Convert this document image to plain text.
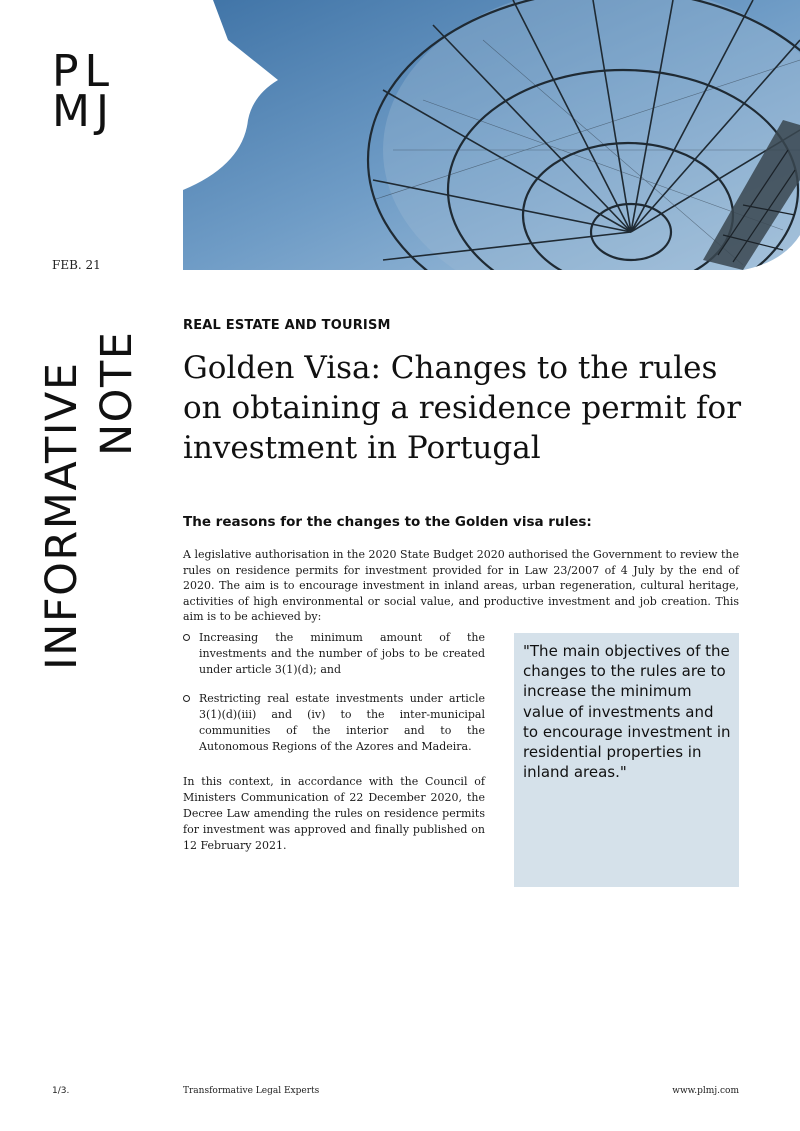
PL
MJ
FEB. 21
INFORMATIVE NOTE
REAL ESTATE AND TOURISM
Golden Visa: Changes to the rules on obtaining a residence permit for investment in Portugal
The reasons for the changes to the Golden visa rules:

A legislative authorisation in the 2020 State Budget 2020 authorised the Government to review the rules on residence permits for investment provided for in Law 23/2007 of 4 July by the end of 2020. The aim is to encourage investment in inland areas, urban regeneration, cultural heritage, activities of high environmental or social value, and productive investment and job creation. This aim is to be achieved by:

Increasing the minimum amount of the investments and the number of jobs to be created under article 3(1)(d); and
Restricting real estate investments under article 3(1)(d)(iii) and (iv) to the inter-municipal communities of the interior and to the Autonomous Regions of the Azores and Madeira.

In this context, in accordance with the Council of Ministers Communication of 22 December 2020, the Decree Law amending the rules on residence permits for investment was approved and finally published on 12 February 2021.

"The main objectives of the changes to the rules are to increase the minimum value of investments and to encourage investment in residential properties in inland areas."
1/3.	Transformative Legal Experts	www.plmj.com
